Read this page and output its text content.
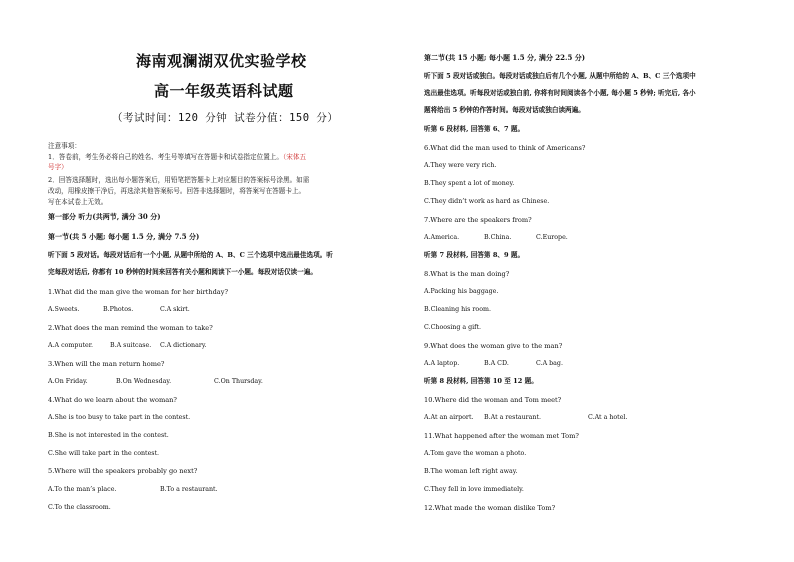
海南观澜湖双优实验学校
高一年级英语科试题
（考试时间：120 分钟 试卷分值：150 分）
注意事项：
1．答卷前，考生务必将自己的姓名、考生号等填写在答题卡和试卷指定位置上。（宋体五
号字）
2．回答选择题时，选出每小题答案后，用铅笔把答题卡上对应题目的答案标号涂黑。如需
改动，用橡皮擦干净后，再选涂其他答案标号。回答非选择题时，将答案写在答题卡上。
写在本试卷上无效。
第一部分 听力(共两节, 满分 30 分)
第一节(共 5 小题; 每小题 1.5 分, 满分 7.5 分)
听下面 5 段对话。每段对话后有一个小题, 从题中所给的 A、B、C 三个选项中选出最佳选项。听
完每段对话后, 你都有 10 秒钟的时间来回答有关小题和阅读下一小题。每段对话仅读一遍。
1.What did the man give the woman for her birthday?
A.Sweets.	B.Photos.	C.A skirt.
2.What does the man remind the woman to take?
A.A computer.	B.A suitcase. C.A dictionary.
3.When will the man return home?
A.On Friday.	B.On Wednesday.	C.On Thursday.
4.What do we learn about the woman?
A.She is too busy to take part in the contest.
B.She is not interested in the contest.
C.She will take part in the contest.
5.Where will the speakers probably go next?
A.To the man’s place.	B.To a restaurant.
C.To the classroom.
第二节(共 15 小题; 每小题 1.5 分, 满分 22.5 分)
听下面 5 段对话或独白。每段对话或独白后有几个小题, 从题中所给的 A、B、C 三个选项中
选出最佳选项。听每段对话或独白前, 你将有时间阅读各个小题, 每小题 5 秒钟; 听完后, 各小
题将给出 5 秒钟的作答时间。每段对话或独白读两遍。
听第 6 段材料, 回答第 6、7 题。
6.What did the man used to think of Americans?
A.They were very rich.
B.They spent a lot of money.
C.They didn’t work as hard as Chinese.
7.Where are the speakers from?
A.America.	B.China.	C.Europe.
听第 7 段材料, 回答第 8、9 题。
8.What is the man doing?
A.Packing his baggage.
B.Cleaning his room.
C.Choosing a gift.
9.What does the woman give to the man?
A.A laptop.	B.A CD.	C.A bag.
听第 8 段材料, 回答第 10 至 12 题。
10.Where did the woman and Tom meet?
A.At an airport. B.At a restaurant.	C.At a hotel.
11.What happened after the woman met Tom?
A.Tom gave the woman a photo.
B.The woman left right away.
C.They fell in love immediately.
12.What made the woman dislike Tom?
